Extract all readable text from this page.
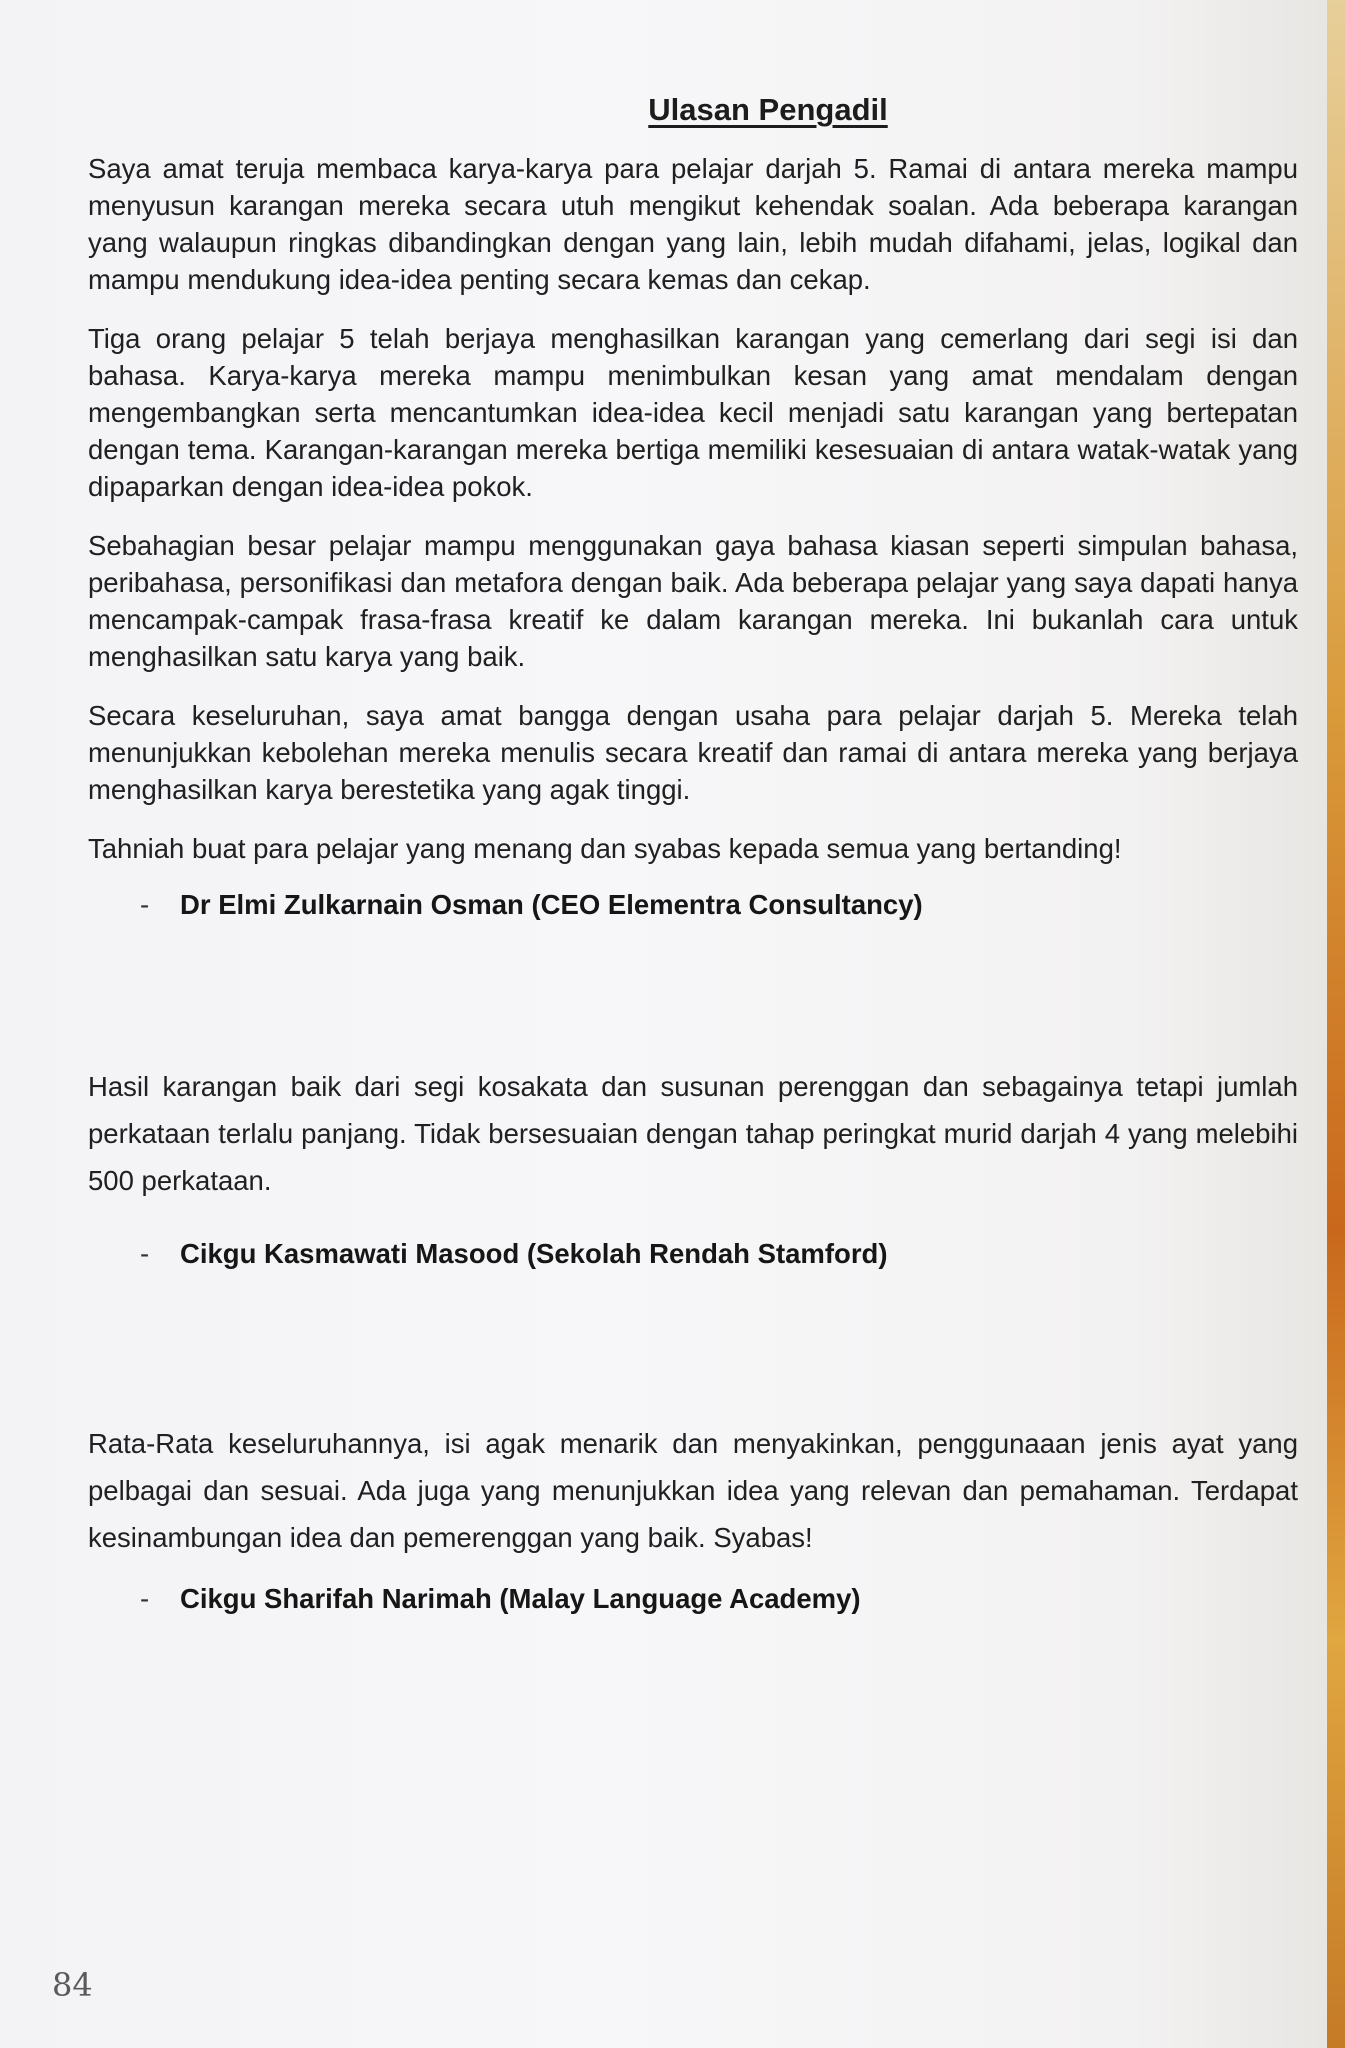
Ulasan Pengadil

Saya amat teruja membaca karya-karya para pelajar darjah 5. Ramai di antara mereka mampu menyusun karangan mereka secara utuh mengikut kehendak soalan. Ada beberapa karangan yang walaupun ringkas dibandingkan dengan yang lain, lebih mudah difahami, jelas, logikal dan mampu mendukung idea-idea penting secara kemas dan cekap.

Tiga orang pelajar 5 telah berjaya menghasilkan karangan yang cemerlang dari segi isi dan bahasa. Karya-karya mereka mampu menimbulkan kesan yang amat mendalam dengan mengembangkan serta mencantumkan idea-idea kecil menjadi satu karangan yang bertepatan dengan tema. Karangan-karangan mereka bertiga memiliki kesesuaian di antara watak-watak yang dipaparkan dengan idea-idea pokok.

Sebahagian besar pelajar mampu menggunakan gaya bahasa kiasan seperti simpulan bahasa, peribahasa, personifikasi dan metafora dengan baik. Ada beberapa pelajar yang saya dapati hanya mencampak-campak frasa-frasa kreatif ke dalam karangan mereka. Ini bukanlah cara untuk menghasilkan satu karya yang baik.

Secara keseluruhan, saya amat bangga dengan usaha para pelajar darjah 5. Mereka telah menunjukkan kebolehan mereka menulis secara kreatif dan ramai di antara mereka yang berjaya menghasilkan karya berestetika yang agak tinggi.

Tahniah buat para pelajar yang menang dan syabas kepada semua yang bertanding!

-	Dr Elmi Zulkarnain Osman (CEO Elementra Consultancy)

Hasil karangan baik dari segi kosakata dan susunan perenggan dan sebagainya tetapi jumlah perkataan terlalu panjang. Tidak bersesuaian dengan tahap peringkat murid darjah 4 yang melebihi 500 perkataan.

-	Cikgu Kasmawati Masood (Sekolah Rendah Stamford)

Rata-Rata keseluruhannya, isi agak menarik dan menyakinkan, penggunaaan jenis ayat yang pelbagai dan sesuai. Ada juga yang menunjukkan idea yang relevan dan pemahaman. Terdapat kesinambungan idea dan pemerenggan yang baik. Syabas!

-	Cikgu Sharifah Narimah (Malay Language Academy)
84
